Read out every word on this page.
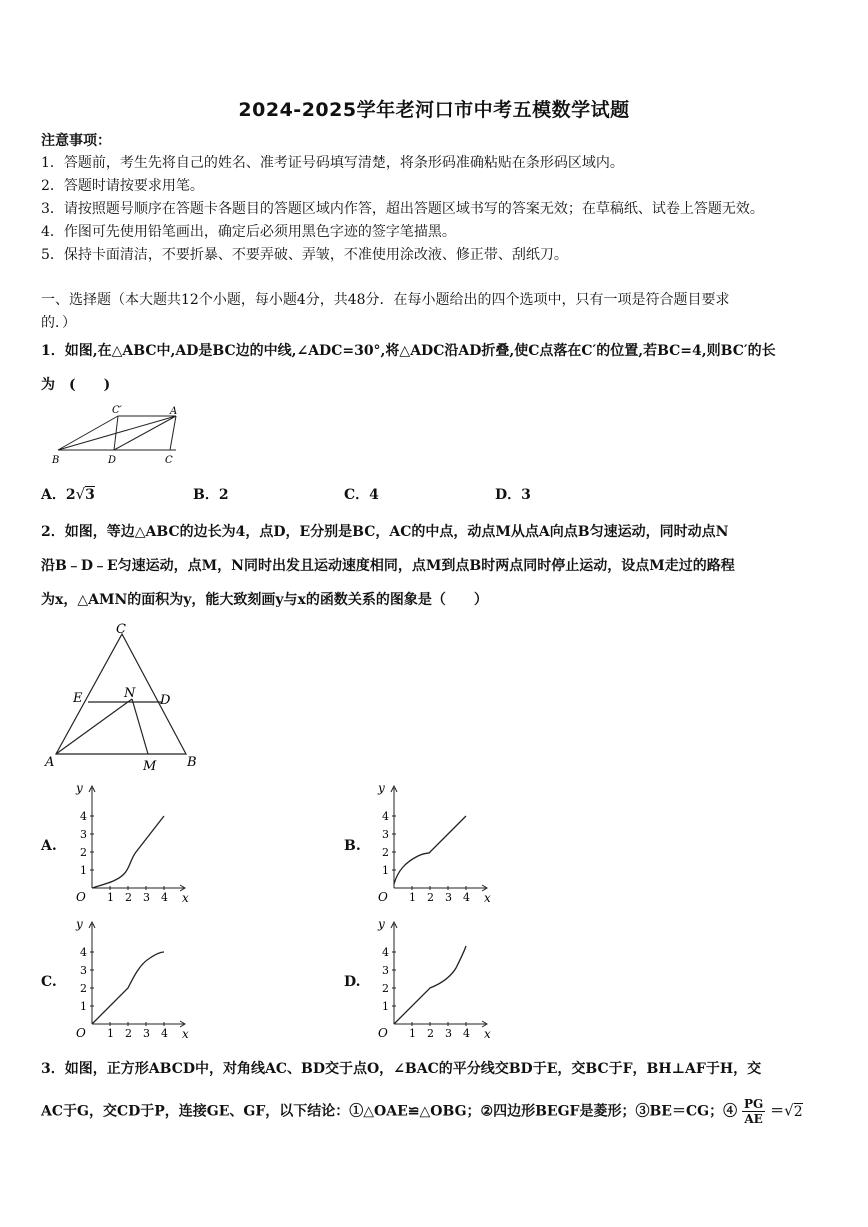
2024-2025学年老河口市中考五模数学试题
注意事项：
1．答题前，考生先将自己的姓名、准考证号码填写清楚，将条形码准确粘贴在条形码区域内。
2．答题时请按要求用笔。
3．请按照题号顺序在答题卡各题目的答题区域内作答，超出答题区域书写的答案无效；在草稿纸、试卷上答题无效。
4．作图可先使用铅笔画出，确定后必须用黑色字迹的签字笔描黑。
5．保持卡面清洁，不要折暴、不要弄破、弄皱，不准使用涂改液、修正带、刮纸刀。
一、选择题（本大题共12个小题，每小题4分，共48分．在每小题给出的四个选项中，只有一项是符合题目要求
的．）
1．如图,在△ABC中,AD是BC边的中线,∠ADC=30°,将△ADC沿AD折叠,使C点落在C′的位置,若BC=4,则BC′的长
为　(　　)
C′	A
B	D	C
A．2√3	B．2	C．4	D．3
2．如图，等边△ABC的边长为4，点D，E分别是BC，AC的中点，动点M从点A向点B匀速运动，同时动点N
沿B﹣D﹣E匀速运动，点M，N同时出发且运动速度相同，点M到点B时两点同时停止运动，设点M走过的路程
为x，△AMN的面积为y，能大致刻画y与x的函数关系的图象是（　　）
C
E	N D
A	M B
A.
1
1
2
2
3
3
4
4
O	x
y
B.
1
1
2
2
3
3
4
4
O	x
y
C.
1
1
2
2
3
3
4
4
O	x
y
D.
1
1
2
2
3
3
4
4
O	x
y
3．如图，正方形ABCD中，对角线AC、BD交于点O，∠BAC的平分线交BD于E，交BC于F，BH⊥AF于H，交
AC于G，交CD于P，连接GE、GF，以下结论：①△OAE≌△OBG；②四边形BEGF是菱形；③BE＝CG；④ $\frac{PG}{AE} =√2$
